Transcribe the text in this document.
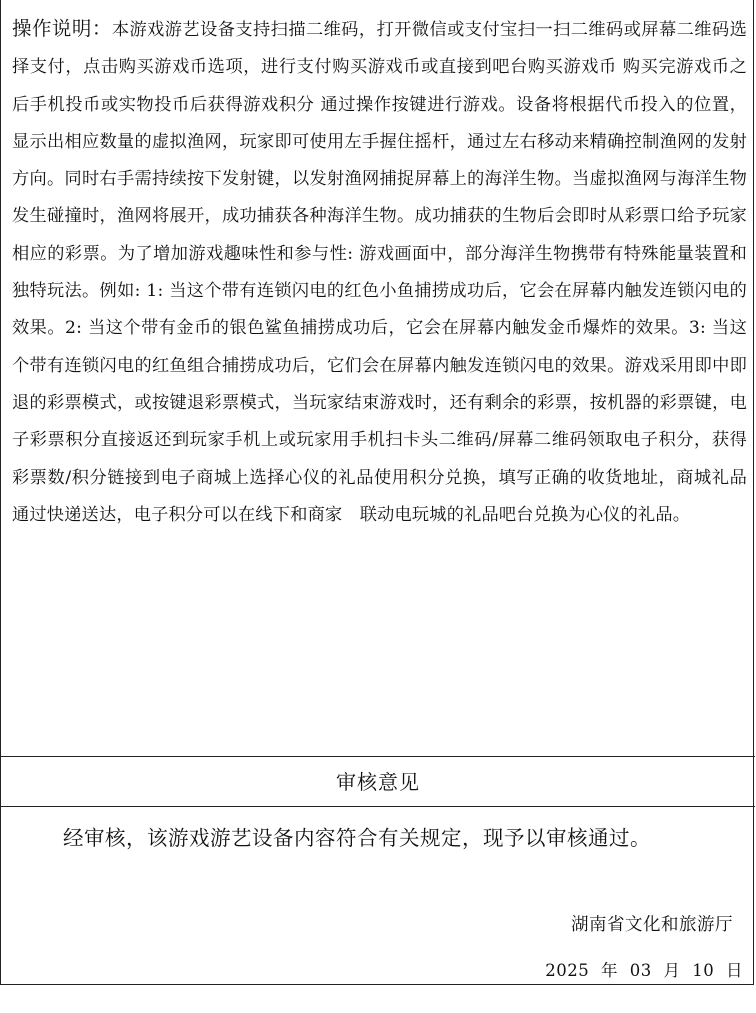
操作说明：本游戏游艺设备支持扫描二维码，打开微信或支付宝扫一扫二维码或屏幕二维码选择支付，点击购买游戏币选项，进行支付购买游戏币或直接到吧台购买游戏币 购买完游戏币之后手机投币或实物投币后获得游戏积分 通过操作按键进行游戏。设备将根据代币投入的位置，显示出相应数量的虚拟渔网，玩家即可使用左手握住摇杆，通过左右移动来精确控制渔网的发射方向。同时右手需持续按下发射键，以发射渔网捕捉屏幕上的海洋生物。当虚拟渔网与海洋生物发生碰撞时，渔网将展开，成功捕获各种海洋生物。成功捕获的生物后会即时从彩票口给予玩家相应的彩票。为了增加游戏趣味性和参与性: 游戏画面中，部分海洋生物携带有特殊能量装置和独特玩法。例如: 1: 当这个带有连锁闪电的红色小鱼捕捞成功后，它会在屏幕内触发连锁闪电的效果。2: 当这个带有金币的银色鲨鱼捕捞成功后，它会在屏幕内触发金币爆炸的效果。3: 当这个带有连锁闪电的红鱼组合捕捞成功后，它们会在屏幕内触发连锁闪电的效果。游戏采用即中即退的彩票模式，或按键退彩票模式，当玩家结束游戏时，还有剩余的彩票，按机器的彩票键，电子彩票积分直接返还到玩家手机上或玩家用手机扫卡头二维码/屏幕二维码领取电子积分，获得彩票数/积分链接到电子商城上选择心仪的礼品使用积分兑换，填写正确的收货地址，商城礼品通过快递送达，电子积分可以在线下和商家　联动电玩城的礼品吧台兑换为心仪的礼品。
审核意见
经审核，该游戏游艺设备内容符合有关规定，现予以审核通过。
湖南省文化和旅游厅
2025 年 03 月 10 日
